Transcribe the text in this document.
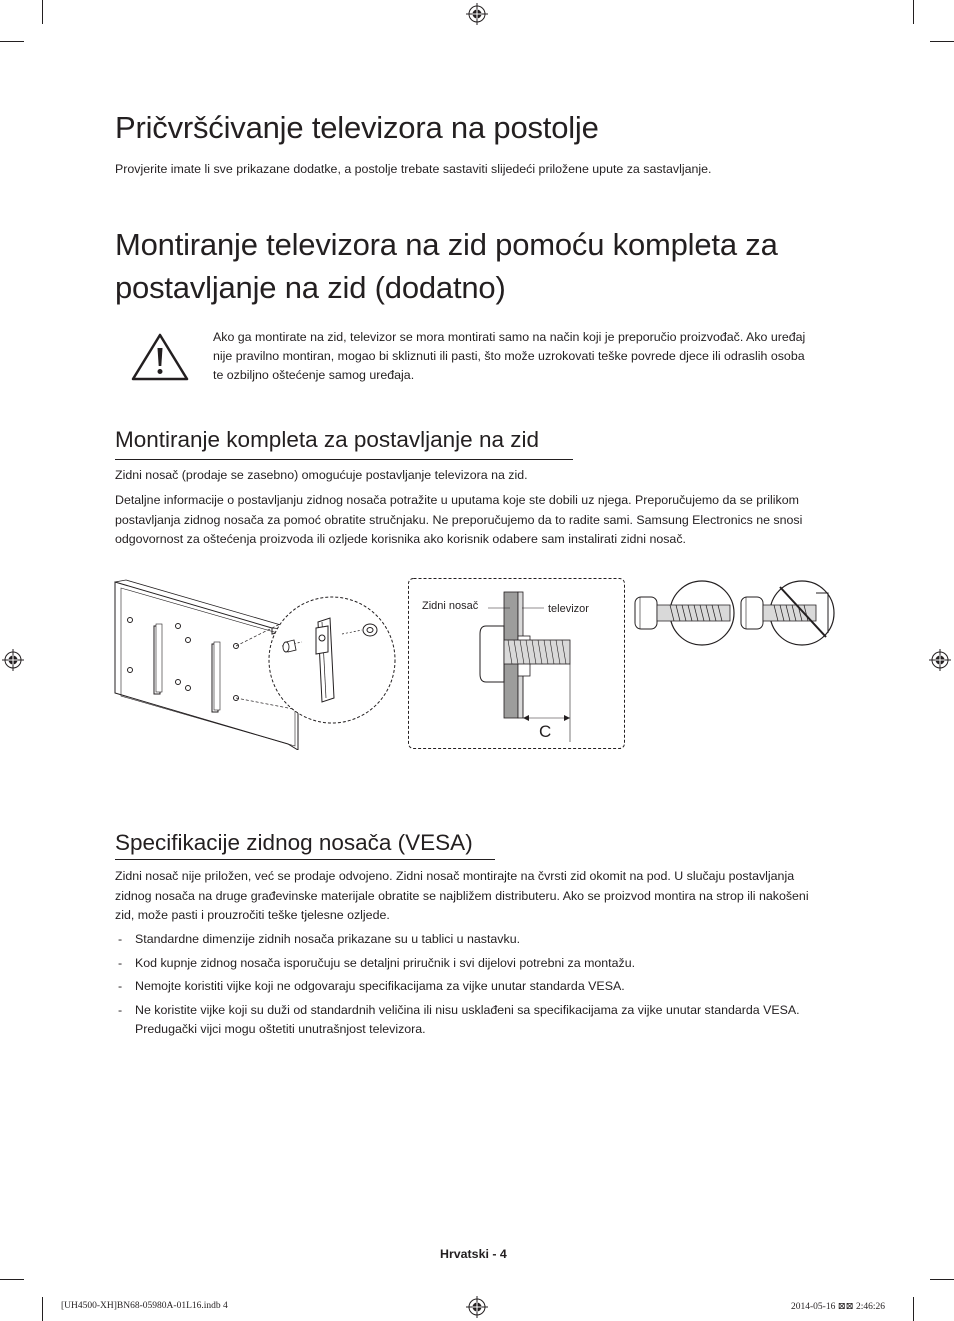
Pričvršćivanje televizora na postolje

Provjerite imate li sve prikazane dodatke, a postolje trebate sastaviti slijedeći priložene upute za sastavljanje.

Montiranje televizora na zid pomoću kompleta za
postavljanje na zid (dodatno)

Ako ga montirate na zid, televizor se mora montirati samo na način koji je preporučio proizvođač. Ako uređaj

nije pravilno montiran, mogao bi skliznuti ili pasti, što može uzrokovati teške povrede djece ili odraslih osoba

te ozbiljno oštećenje samog uređaja.

Montiranje kompleta za postavljanje na zid

Zidni nosač (prodaje se zasebno) omogućuje postavljanje televizora na zid.

Detaljne informacije o postavljanju zidnog nosača potražite u uputama koje ste dobili uz njega. Preporučujemo da se prilikom

postavljanja zidnog nosača za pomoć obratite stručnjaku. Ne preporučujemo da to radite sami. Samsung Electronics ne snosi

odgovornost za oštećenja proizvoda ili ozljede korisnika ako korisnik odabere sam instalirati zidni nosač.

Zidni nosač	televizor
C
Specifikacije zidnog nosača (VESA)

Zidni nosač nije priložen, već se prodaje odvojeno. Zidni nosač montirajte na čvrsti zid okomit na pod. U slučaju postavljanja

zidnog nosača na druge građevinske materijale obratite se najbližem distributeru. Ako se proizvod montira na strop ili nakošeni

zid, može pasti i prouzročiti teške tjelesne ozljede.

- Standardne dimenzije zidnih nosača prikazane su u tablici u nastavku.
- Kod kupnje zidnog nosača isporučuju se detaljni priručnik i svi dijelovi potrebni za montažu.
- Nemojte koristiti vijke koji ne odgovaraju specifikacijama za vijke unutar standarda VESA.
- Ne koristite vijke koji su duži od standardnih veličina ili nisu usklađeni sa specifikacijama za vijke unutar standarda VESA.
Predugački vijci mogu oštetiti unutrašnjost televizora.
Hrvatski - 4
[UH4500-XH]BN68-05980A-01L16.indb 4	2014-05-16 ⊠⊠ 2:46:26
